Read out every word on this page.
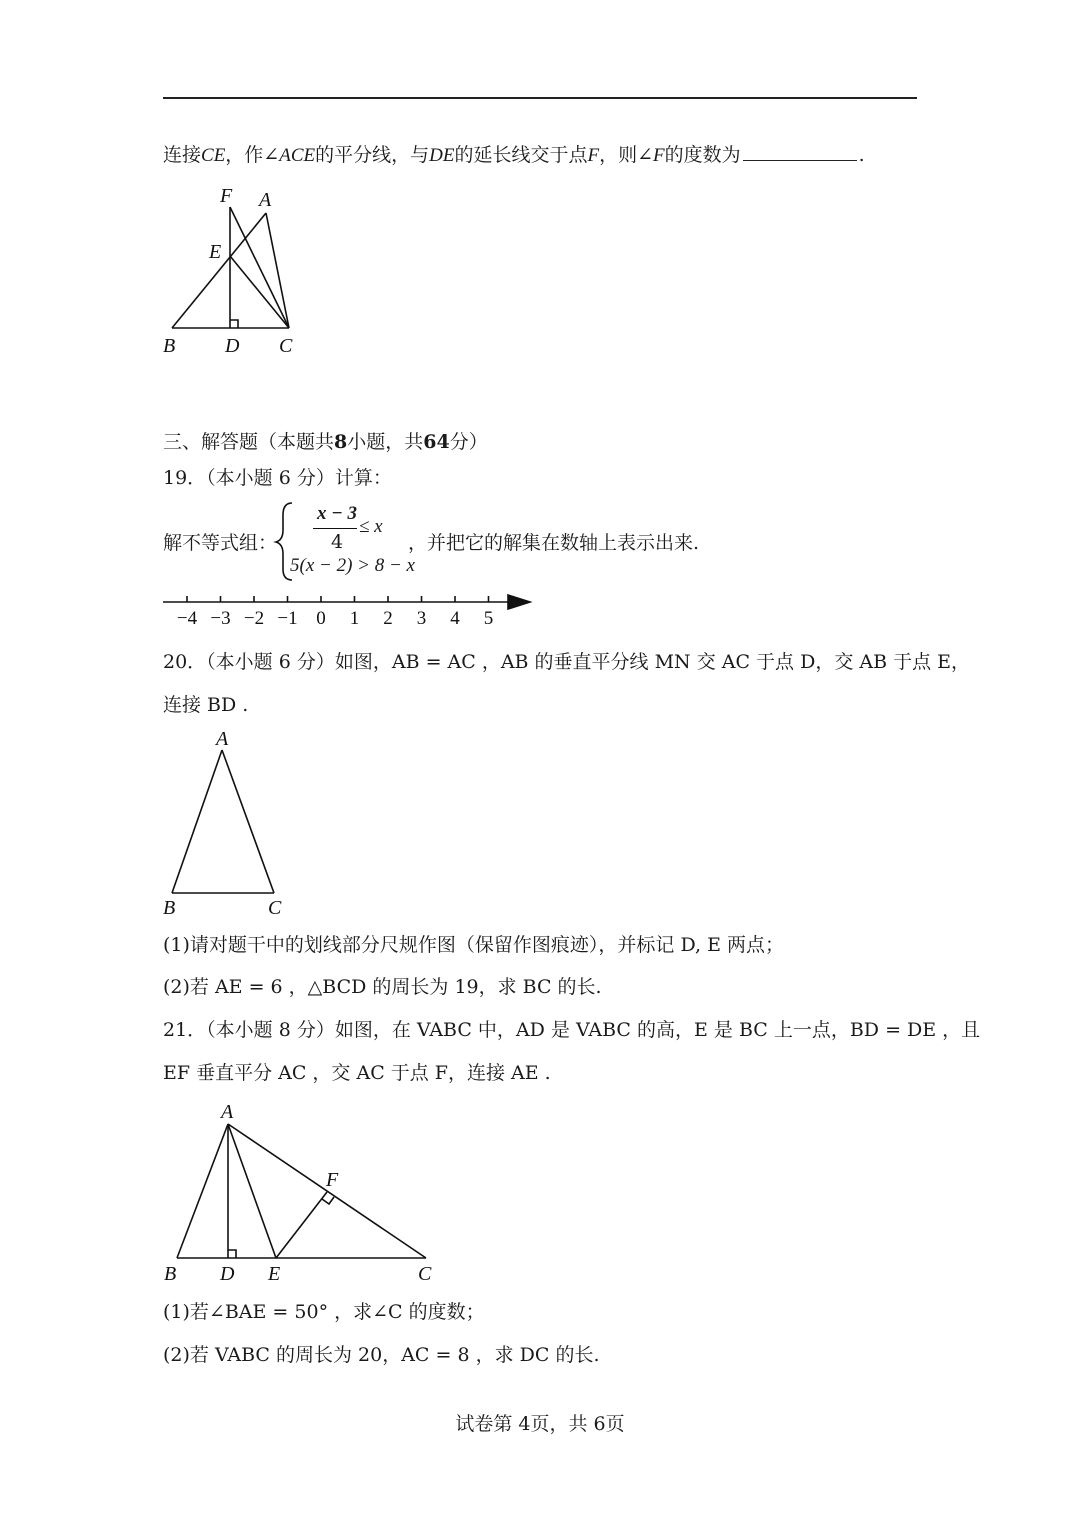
连接CE，作∠ACE的平分线，与DE的延长线交于点F，则∠F的度数为	.
F A
E
B D C
三、解答题（本题共8小题，共64分）
19．（本小题 6 分）计算：
解不等式组：
x − 3
4
≤ x
5(x − 2) > 8 − x
，并把它的解集在数轴上表示出来.
−4 −3 −2 −1 0 1 2 3 4 5
20．（本小题 6 分）如图，AB = AC ，AB 的垂直平分线 MN 交 AC 于点 D，交 AB 于点 E，
连接 BD .
A
B	C
(1)请对题干中的划线部分尺规作图（保留作图痕迹），并标记 D, E 两点；
(2)若 AE = 6 ，△BCD 的周长为 19，求 BC 的长.
21．（本小题 8 分）如图，在 VABC 中，AD 是 VABC 的高，E 是 BC 上一点，BD = DE ，且
EF 垂直平分 AC ，交 AC 于点 F，连接 AE .
A
F
B D E	C
(1)若∠BAE = 50° ，求∠C 的度数；
(2)若 VABC 的周长为 20，AC = 8 ，求 DC 的长.
试卷第 4页，共 6页
